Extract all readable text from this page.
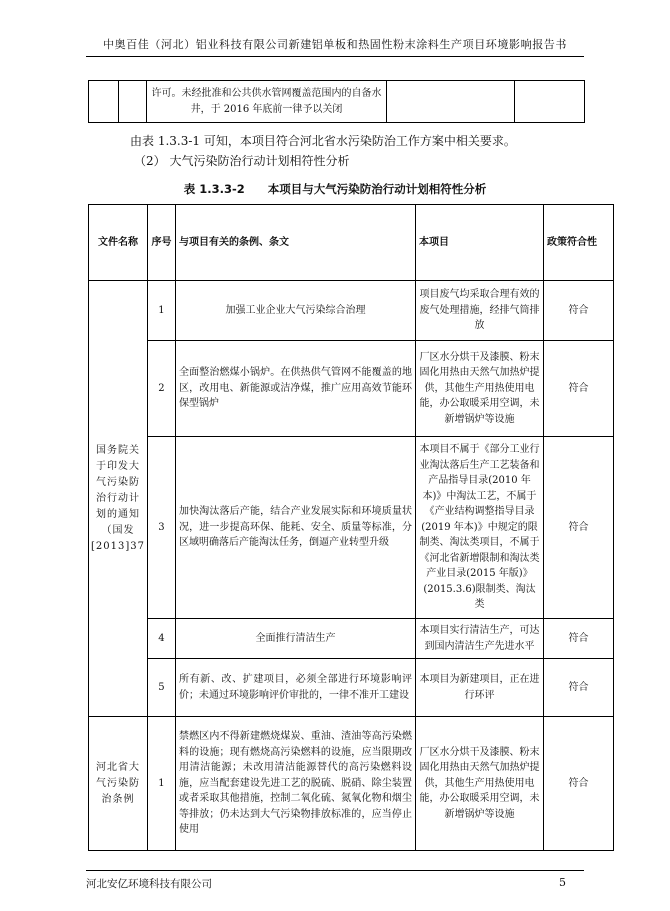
中奥百佳（河北）铝业科技有限公司新建铝单板和热固性粉末涂料生产项目环境影响报告书
		许可。未经批准和公共供水管网覆盖范围内的自备水井，于 2016 年底前一律予以关闭		
由表 1.3.3-1 可知，本项目符合河北省水污染防治工作方案中相关要求。
（2） 大气污染防治行动计划相符性分析
表 1.3.3-2　　本项目与大气污染防治行动计划相符性分析
文件名称	序号	与项目有关的条例、条文	本项目	政策符合性
国务院关于印发大气污染防治行动计划的通知（国发[2013]37	1	加强工业企业大气污染综合治理	项目废气均采取合理有效的废气处理措施，经排气筒排放	符合
	2	全面整治燃煤小锅炉。在供热供气管网不能覆盖的地区，改用电、新能源或洁净煤，推广应用高效节能环保型锅炉	厂区水分烘干及漆膜、粉末固化用热由天然气加热炉提供，其他生产用热使用电能，办公取暖采用空调，未新增锅炉等设施	符合
	3	加快淘汰落后产能，结合产业发展实际和环境质量状况，进一步提高环保、能耗、安全、质量等标准，分区域明确落后产能淘汰任务，倒逼产业转型升级	本项目不属于《部分工业行业淘汰落后生产工艺装备和产品指导目录(2010 年本)》中淘汰工艺，不属于《产业结构调整指导目录(2019 年本)》中规定的限制类、淘汰类项目，不属于《河北省新增限制和淘汰类产业目录(2015 年版)》(2015.3.6)限制类、淘汰类	符合
	4	全面推行清洁生产	本项目实行清洁生产，可达到国内清洁生产先进水平	符合
	5	所有新、改、扩建项目，必须全部进行环境影响评价；未通过环境影响评价审批的，一律不准开工建设	本项目为新建项目，正在进行环评	符合
河北省大气污染防治条例	1	禁燃区内不得新建燃烧煤炭、重油、渣油等高污染燃料的设施；现有燃烧高污染燃料的设施，应当限期改用清洁能源；未改用清洁能源替代的高污染燃料设施，应当配套建设先进工艺的脱硫、脱硝、除尘装置或者采取其他措施，控制二氧化硫、氮氧化物和烟尘等排放；仍未达到大气污染物排放标准的，应当停止使用	厂区水分烘干及漆膜、粉末固化用热由天然气加热炉提供，其他生产用热使用电能，办公取暖采用空调，未新增锅炉等设施	符合
河北安亿环境科技有限公司	5
